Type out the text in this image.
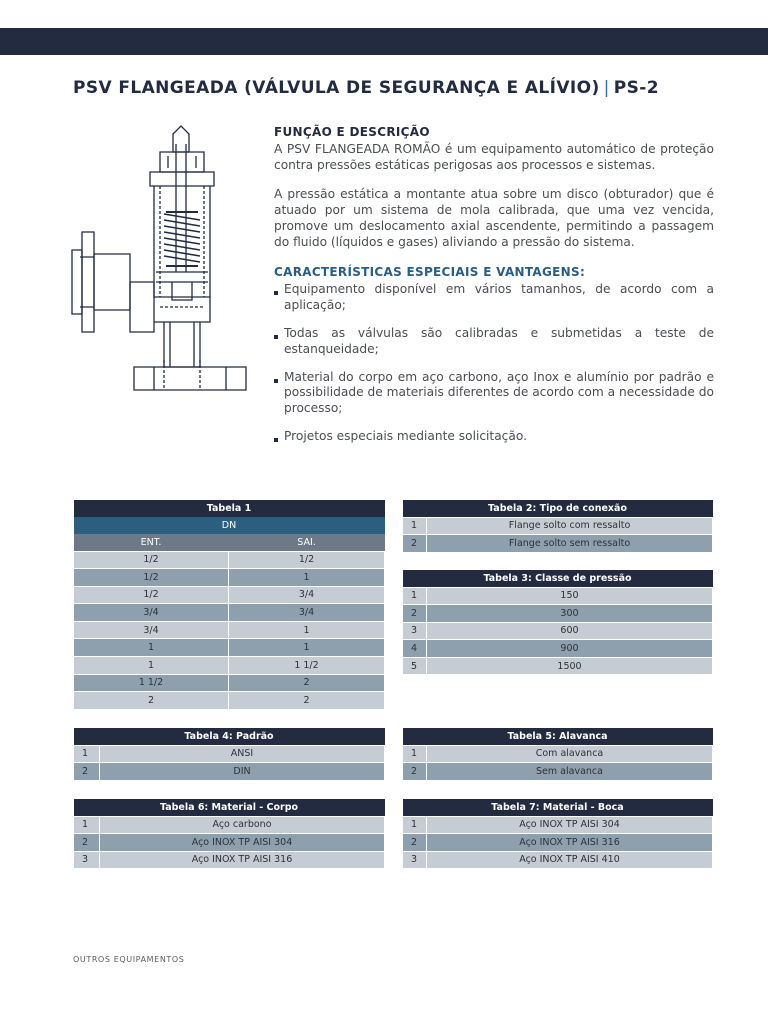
PSV FLANGEADA (VÁLVULA DE SEGURANÇA E ALÍVIO) | PS-2
FUNÇÃO E DESCRIÇÃO

A PSV FLANGEADA ROMÃO é um equipamento automático de proteção contra pressões estáticas perigosas aos processos e sistemas.

A pressão estática a montante atua sobre um disco (obturador) que é atuado por um sistema de mola calibrada, que uma vez vencida, promove um deslocamento axial ascendente, permitindo a passagem do fluido (líquidos e gases) aliviando a pressão do sistema.

CARACTERÍSTICAS ESPECIAIS E VANTAGENS:
Equipamento disponível em vários tamanhos, de acordo com a aplicação;
Todas as válvulas são calibradas e submetidas a teste de estanqueidade;
Material do corpo em aço carbono, aço Inox e alumínio por padrão e possibilidade de materiais diferentes de acordo com a necessidade do processo;
Projetos especiais mediante solicitação.
Tabela 1	
DN	
ENT.	SAI.
1/2	1/2
1/2	1
1/2	3/4
3/4	3/4
3/4	1
1	1
1	1 1/2
1 1/2	2
2	2
Tabela 2: Tipo de conexão	
1	Flange solto com ressalto
2	Flange solto sem ressalto
Tabela 3: Classe de pressão	
1	150
2	300
3	600
4	900
5	1500
Tabela 4: Padrão	
1	ANSI
2	DIN
Tabela 5: Alavanca	
1	Com alavanca
2	Sem alavanca
Tabela 6: Material - Corpo	
1	Aço carbono
2	Aço INOX TP AISI 304
3	Aço INOX TP AISI 316
Tabela 7: Material - Boca	
1	Aço INOX TP AISI 304
2	Aço INOX TP AISI 316
3	Aço INOX TP AISI 410
OUTROS EQUIPAMENTOS
